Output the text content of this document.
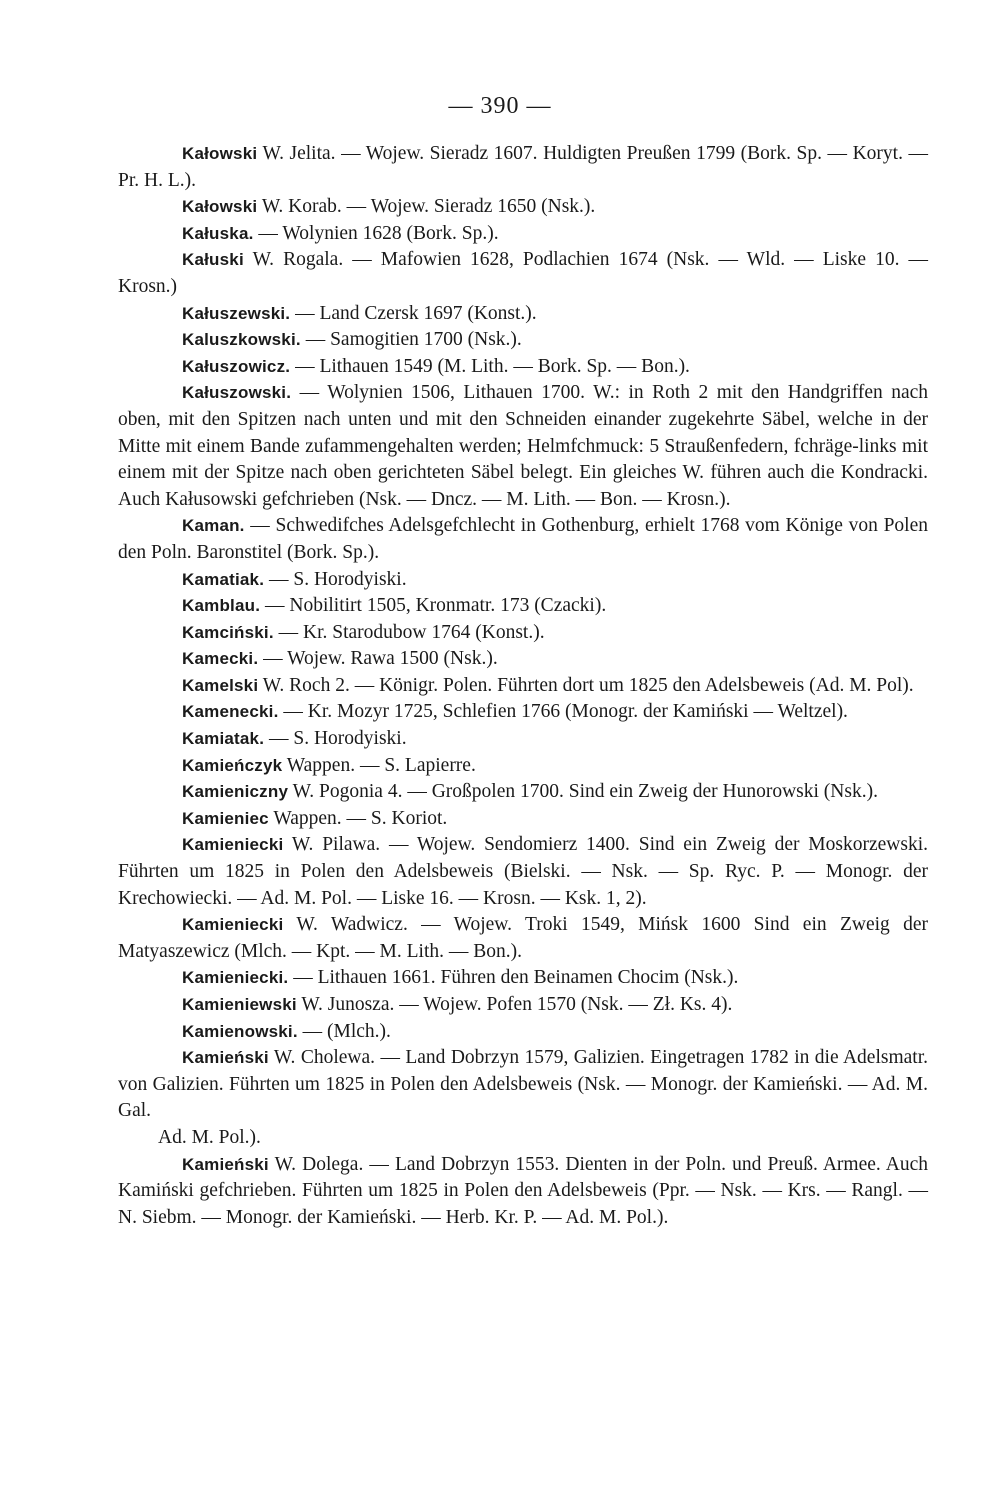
— 390 —

Kałowski W. Jelita. — Wojew. Sieradz 1607. Huldigten Preußen 1799 (Bork. Sp. — Koryt. — Pr. H. L.).

Kałowski W. Korab. — Wojew. Sieradz 1650 (Nsk.).

Kałuska. — Wolynien 1628 (Bork. Sp.).

Kałuski W. Rogala. — Mafowien 1628, Podlachien 1674 (Nsk. — Wld. — Liske 10. — Krosn.)

Kałuszewski. — Land Czersk 1697 (Konst.).

Kaluszkowski. — Samogitien 1700 (Nsk.).

Kałuszowicz. — Lithauen 1549 (M. Lith. — Bork. Sp. — Bon.).

Kałuszowski. — Wolynien 1506, Lithauen 1700. W.: in Roth 2 mit den Handgriffen nach oben, mit den Spitzen nach unten und mit den Schneiden einander zugekehrte Säbel, welche in der Mitte mit einem Bande zufammengehalten werden; Helmfchmuck: 5 Straußenfedern, fchräge-links mit einem mit der Spitze nach oben gerichteten Säbel belegt. Ein gleiches W. führen auch die Kondracki. Auch Kałusowski gefchrieben (Nsk. — Dncz. — M. Lith. — Bon. — Krosn.).

Kaman. — Schwedifches Adelsgefchlecht in Gothenburg, erhielt 1768 vom Könige von Polen den Poln. Baronstitel (Bork. Sp.).

Kamatiak. — S. Horodyiski.

Kamblau. — Nobilitirt 1505, Kronmatr. 173 (Czacki).

Kamciński. — Kr. Starodubow 1764 (Konst.).

Kamecki. — Wojew. Rawa 1500 (Nsk.).

Kamelski W. Roch 2. — Königr. Polen. Führten dort um 1825 den Adelsbeweis (Ad. M. Pol).

Kamenecki. — Kr. Mozyr 1725, Schlefien 1766 (Monogr. der Kamiński — Weltzel).

Kamiatak. — S. Horodyiski.

Kamieńczyk Wappen. — S. Lapierre.

Kamieniczny W. Pogonia 4. — Großpolen 1700. Sind ein Zweig der Hunorowski (Nsk.).

Kamieniec Wappen. — S. Koriot.

Kamieniecki W. Pilawa. — Wojew. Sendomierz 1400. Sind ein Zweig der Moskorzewski. Führten um 1825 in Polen den Adelsbeweis (Bielski. — Nsk. — Sp. Ryc. P. — Monogr. der Krechowiecki. — Ad. M. Pol. — Liske 16. — Krosn. — Ksk. 1, 2).

Kamieniecki W. Wadwicz. — Wojew. Troki 1549, Mińsk 1600 Sind ein Zweig der Matyaszewicz (Mlch. — Kpt. — M. Lith. — Bon.).

Kamieniecki. — Lithauen 1661. Führen den Beinamen Chocim (Nsk.).

Kamieniewski W. Junosza. — Wojew. Pofen 1570 (Nsk. — Zł. Ks. 4).

Kamienowski. — (Mlch.).

Kamieński W. Cholewa. — Land Dobrzyn 1579, Galizien. Eingetragen 1782 in die Adelsmatr. von Galizien. Führten um 1825 in Polen den Adelsbeweis (Nsk. — Monogr. der Kamieński. — Ad. M. Gal.

Ad. M. Pol.).

Kamieński W. Dolega. — Land Dobrzyn 1553. Dienten in der Poln. und Preuß. Armee. Auch Kamiński gefchrieben. Führten um 1825 in Polen den Adelsbeweis (Ppr. — Nsk. — Krs. — Rangl. — N. Siebm. — Monogr. der Kamieński. — Herb. Kr. P. — Ad. M. Pol.).
